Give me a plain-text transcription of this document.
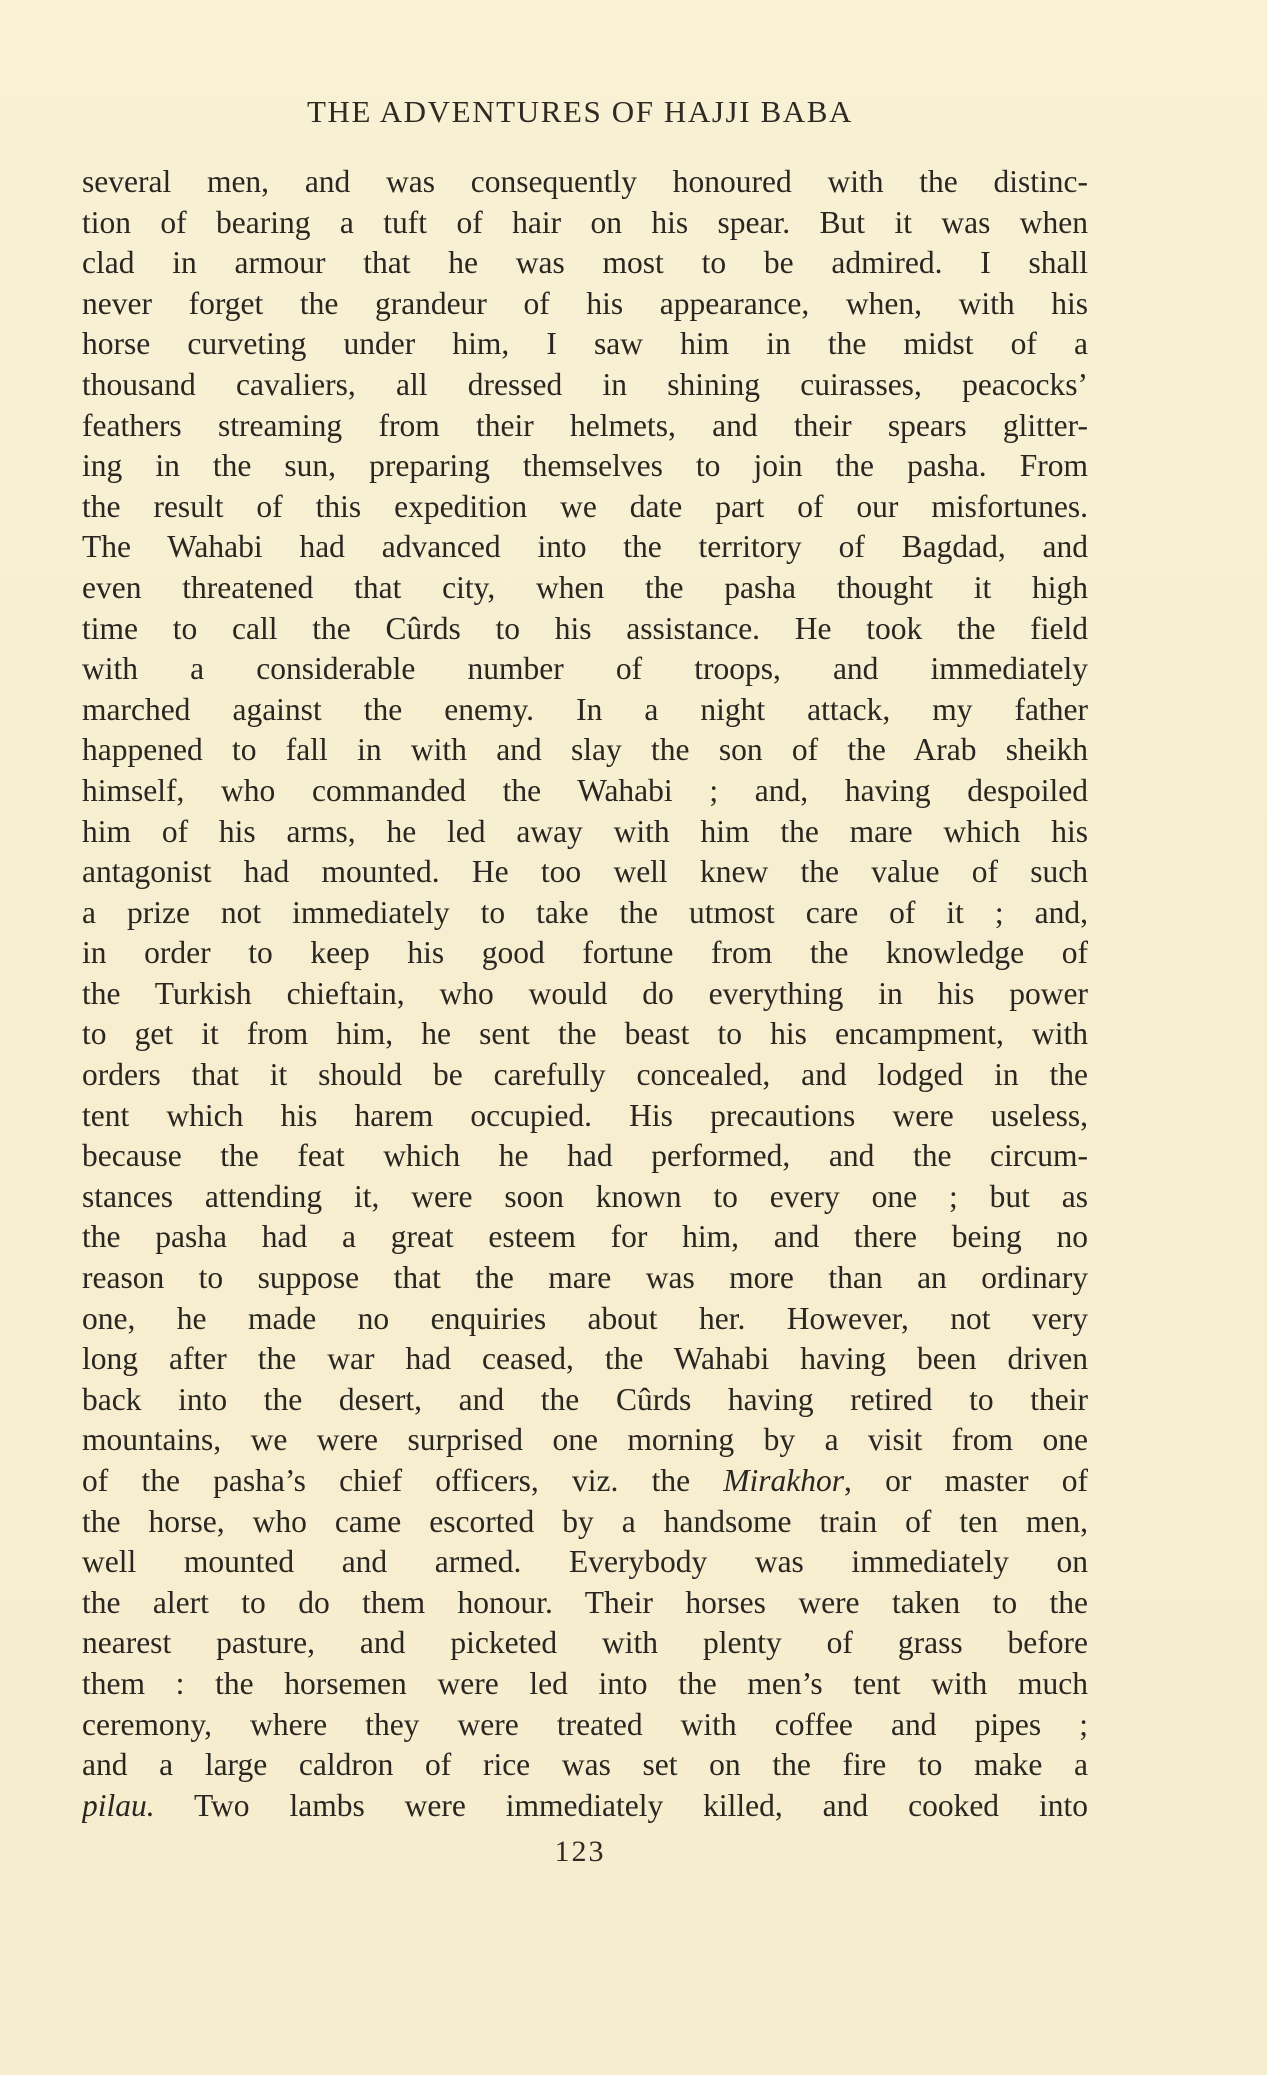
THE ADVENTURES OF HAJJI BABA
several men, and was consequently honoured with the distinc-
tion of bearing a tuft of hair on his spear. But it was when
clad in armour that he was most to be admired. I shall
never forget the grandeur of his appearance, when, with his
horse curveting under him, I saw him in the midst of a
thousand cavaliers, all dressed in shining cuirasses, peacocks’
feathers streaming from their helmets, and their spears glitter-
ing in the sun, preparing themselves to join the pasha. From
the result of this expedition we date part of our misfortunes.
The Wahabi had advanced into the territory of Bagdad, and
even threatened that city, when the pasha thought it high
time to call the Cûrds to his assistance. He took the field
with a considerable number of troops, and immediately
marched against the enemy. In a night attack, my father
happened to fall in with and slay the son of the Arab sheikh
himself, who commanded the Wahabi ; and, having despoiled
him of his arms, he led away with him the mare which his
antagonist had mounted. He too well knew the value of such
a prize not immediately to take the utmost care of it ; and,
in order to keep his good fortune from the knowledge of
the Turkish chieftain, who would do everything in his power
to get it from him, he sent the beast to his encampment, with
orders that it should be carefully concealed, and lodged in the
tent which his harem occupied. His precautions were useless,
because the feat which he had performed, and the circum-
stances attending it, were soon known to every one ; but as
the pasha had a great esteem for him, and there being no
reason to suppose that the mare was more than an ordinary
one, he made no enquiries about her. However, not very
long after the war had ceased, the Wahabi having been driven
back into the desert, and the Cûrds having retired to their
mountains, we were surprised one morning by a visit from one
of the pasha’s chief officers, viz. the Mirakhor, or master of
the horse, who came escorted by a handsome train of ten men,
well mounted and armed. Everybody was immediately on
the alert to do them honour. Their horses were taken to the
nearest pasture, and picketed with plenty of grass before
them : the horsemen were led into the men’s tent with much
ceremony, where they were treated with coffee and pipes ;
and a large caldron of rice was set on the fire to make a
pilau. Two lambs were immediately killed, and cooked into
123
